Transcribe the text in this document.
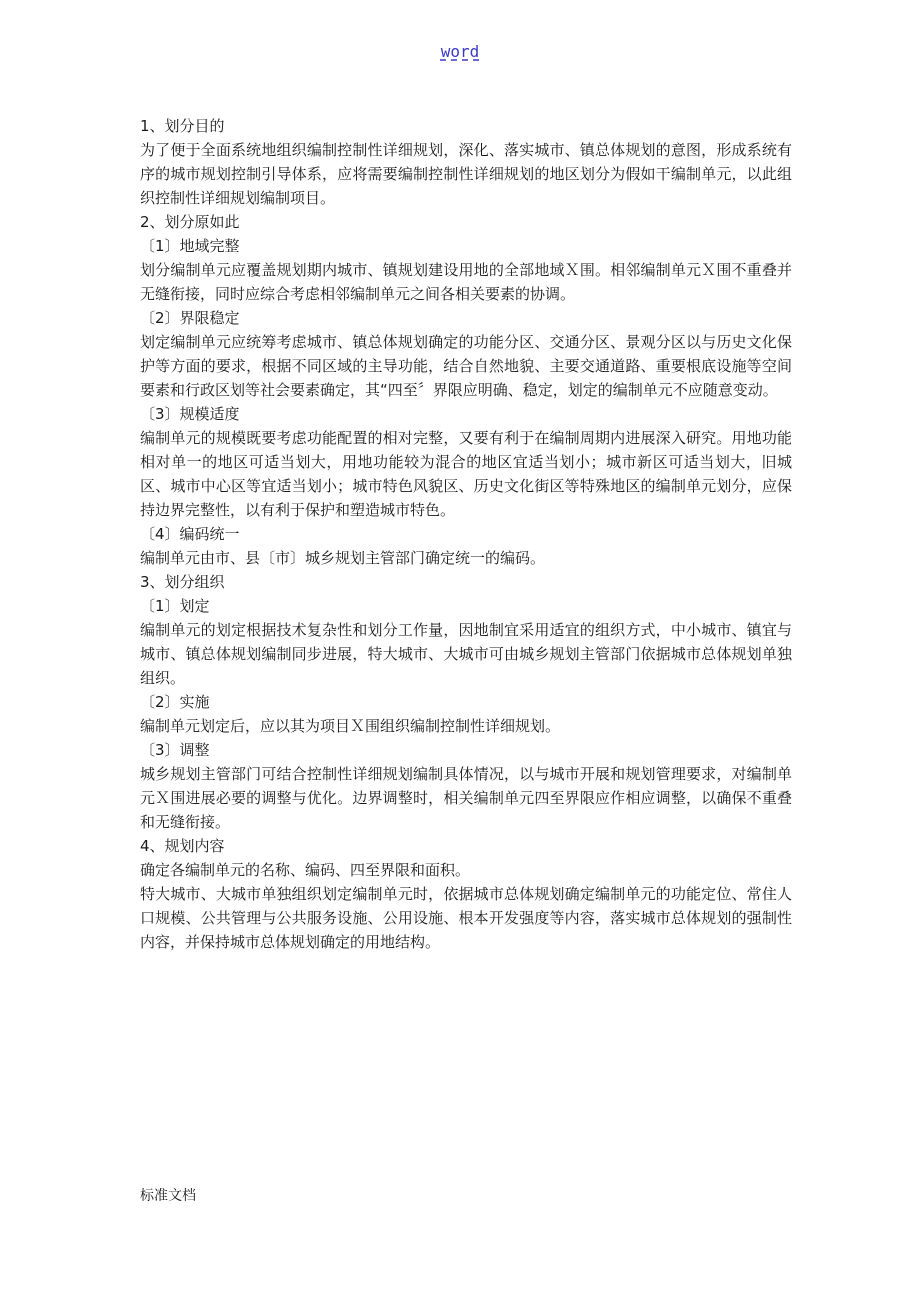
word

1、划分目的

为了便于全面系统地组织编制控制性详细规划，深化、落实城市、镇总体规划的意图，形成系统有序的城市规划控制引导体系，应将需要编制控制性详细规划的地区划分为假如干编制单元，以此组织控制性详细规划编制项目。

2、划分原如此

〔1〕地域完整

划分编制单元应覆盖规划期内城市、镇规划建设用地的全部地域Ｘ围。相邻编制单元Ｘ围不重叠并无缝衔接，同时应综合考虑相邻编制单元之间各相关要素的协调。

〔2〕界限稳定

划定编制单元应统筹考虑城市、镇总体规划确定的功能分区、交通分区、景观分区以与历史文化保护等方面的要求，根据不同区域的主导功能，结合自然地貌、主要交通道路、重要根底设施等空间要素和行政区划等社会要素确定，其“四至〞界限应明确、稳定，划定的编制单元不应随意变动。

〔3〕规模适度

编制单元的规模既要考虑功能配置的相对完整，又要有利于在编制周期内进展深入研究。用地功能相对单一的地区可适当划大，用地功能较为混合的地区宜适当划小；城市新区可适当划大，旧城区、城市中心区等宜适当划小；城市特色风貌区、历史文化街区等特殊地区的编制单元划分，应保持边界完整性，以有利于保护和塑造城市特色。

〔4〕编码统一

编制单元由市、县〔市〕城乡规划主管部门确定统一的编码。

3、划分组织

〔1〕划定

编制单元的划定根据技术复杂性和划分工作量，因地制宜采用适宜的组织方式，中小城市、镇宜与城市、镇总体规划编制同步进展，特大城市、大城市可由城乡规划主管部门依据城市总体规划单独组织。

〔2〕实施

编制单元划定后，应以其为项目Ｘ围组织编制控制性详细规划。

〔3〕调整

城乡规划主管部门可结合控制性详细规划编制具体情况，以与城市开展和规划管理要求，对编制单元Ｘ围进展必要的调整与优化。边界调整时，相关编制单元四至界限应作相应调整，以确保不重叠和无缝衔接。

4、规划内容

确定各编制单元的名称、编码、四至界限和面积。

特大城市、大城市单独组织划定编制单元时，依据城市总体规划确定编制单元的功能定位、常住人口规模、公共管理与公共服务设施、公用设施、根本开发强度等内容，落实城市总体规划的强制性内容，并保持城市总体规划确定的用地结构。

标准文档
